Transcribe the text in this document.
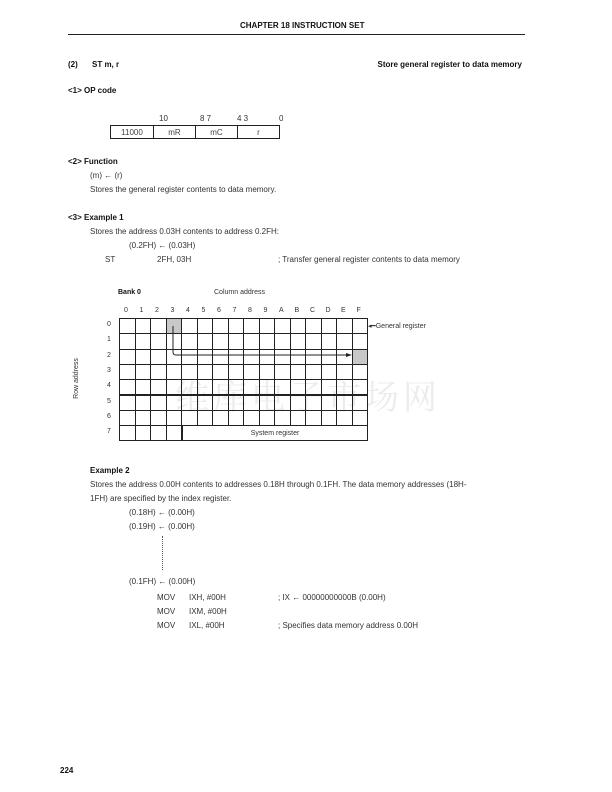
CHAPTER 18 INSTRUCTION SET
维库电子市场网
(2) ST m, r	Store general register to data memory
<1> OP code
10	8 7	4 3	0
11000	mR	mC	r
<2> Function
(m) ← (r)
Stores the general register contents to data memory.
<3> Example 1
Stores the address 0.03H contents to address 0.2FH:
(0.2FH) ← (0.03H)
ST	2FH, 03H	; Transfer general register contents to data memory
Bank 0	Column address
Row address
System register
◂━General register
Example 2
Stores the address 0.00H contents to addresses 0.18H through 0.1FH. The data memory addresses (18H-
1FH) are specified by the index register.
(0.18H) ← (0.00H)
(0.19H) ← (0.00H)
(0.1FH) ← (0.00H)
MOV IXH, #00H	; IX ← 00000000000B (0.00H)
MOV IXM, #00H
MOV IXL, #00H	; Specifies data memory address 0.00H
224
0 1 2 3 4 5 6 7 8 9 A B C D E F
0
1
2
3
4
5
6
7
